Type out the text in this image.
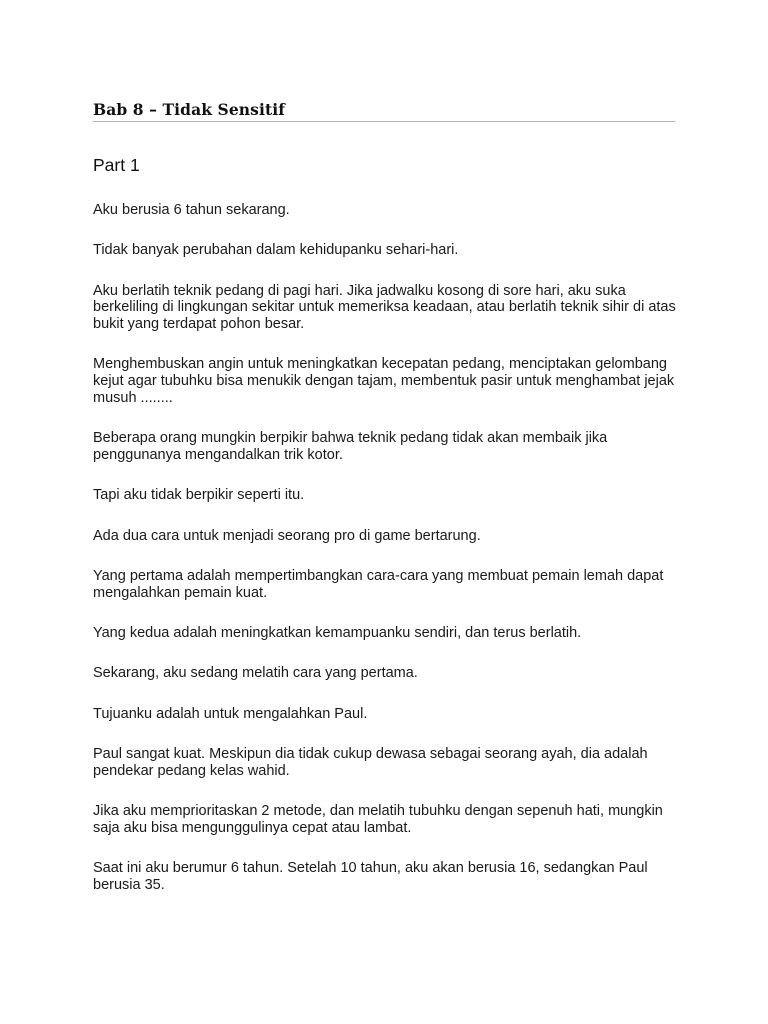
Bab 8 – Tidak Sensitif
Part 1

Aku berusia 6 tahun sekarang.

Tidak banyak perubahan dalam kehidupanku sehari-hari.

Aku berlatih teknik pedang di pagi hari. Jika jadwalku kosong di sore hari, aku suka berkeliling di lingkungan sekitar untuk memeriksa keadaan, atau berlatih teknik sihir di atas bukit yang terdapat pohon besar.

Menghembuskan angin untuk meningkatkan kecepatan pedang, menciptakan gelombang kejut agar tubuhku bisa menukik dengan tajam, membentuk pasir untuk menghambat jejak musuh ........

Beberapa orang mungkin berpikir bahwa teknik pedang tidak akan membaik jika penggunanya mengandalkan trik kotor.

Tapi aku tidak berpikir seperti itu.

Ada dua cara untuk menjadi seorang pro di game bertarung.

Yang pertama adalah mempertimbangkan cara-cara yang membuat pemain lemah dapat mengalahkan pemain kuat.

Yang kedua adalah meningkatkan kemampuanku sendiri, dan terus berlatih.

Sekarang, aku sedang melatih cara yang pertama.

Tujuanku adalah untuk mengalahkan Paul.

Paul sangat kuat. Meskipun dia tidak cukup dewasa sebagai seorang ayah, dia adalah pendekar pedang kelas wahid.

Jika aku memprioritaskan 2 metode, dan melatih tubuhku dengan sepenuh hati, mungkin saja aku bisa mengunggulinya cepat atau lambat.

Saat ini aku berumur 6 tahun. Setelah 10 tahun, aku akan berusia 16, sedangkan Paul berusia 35.
